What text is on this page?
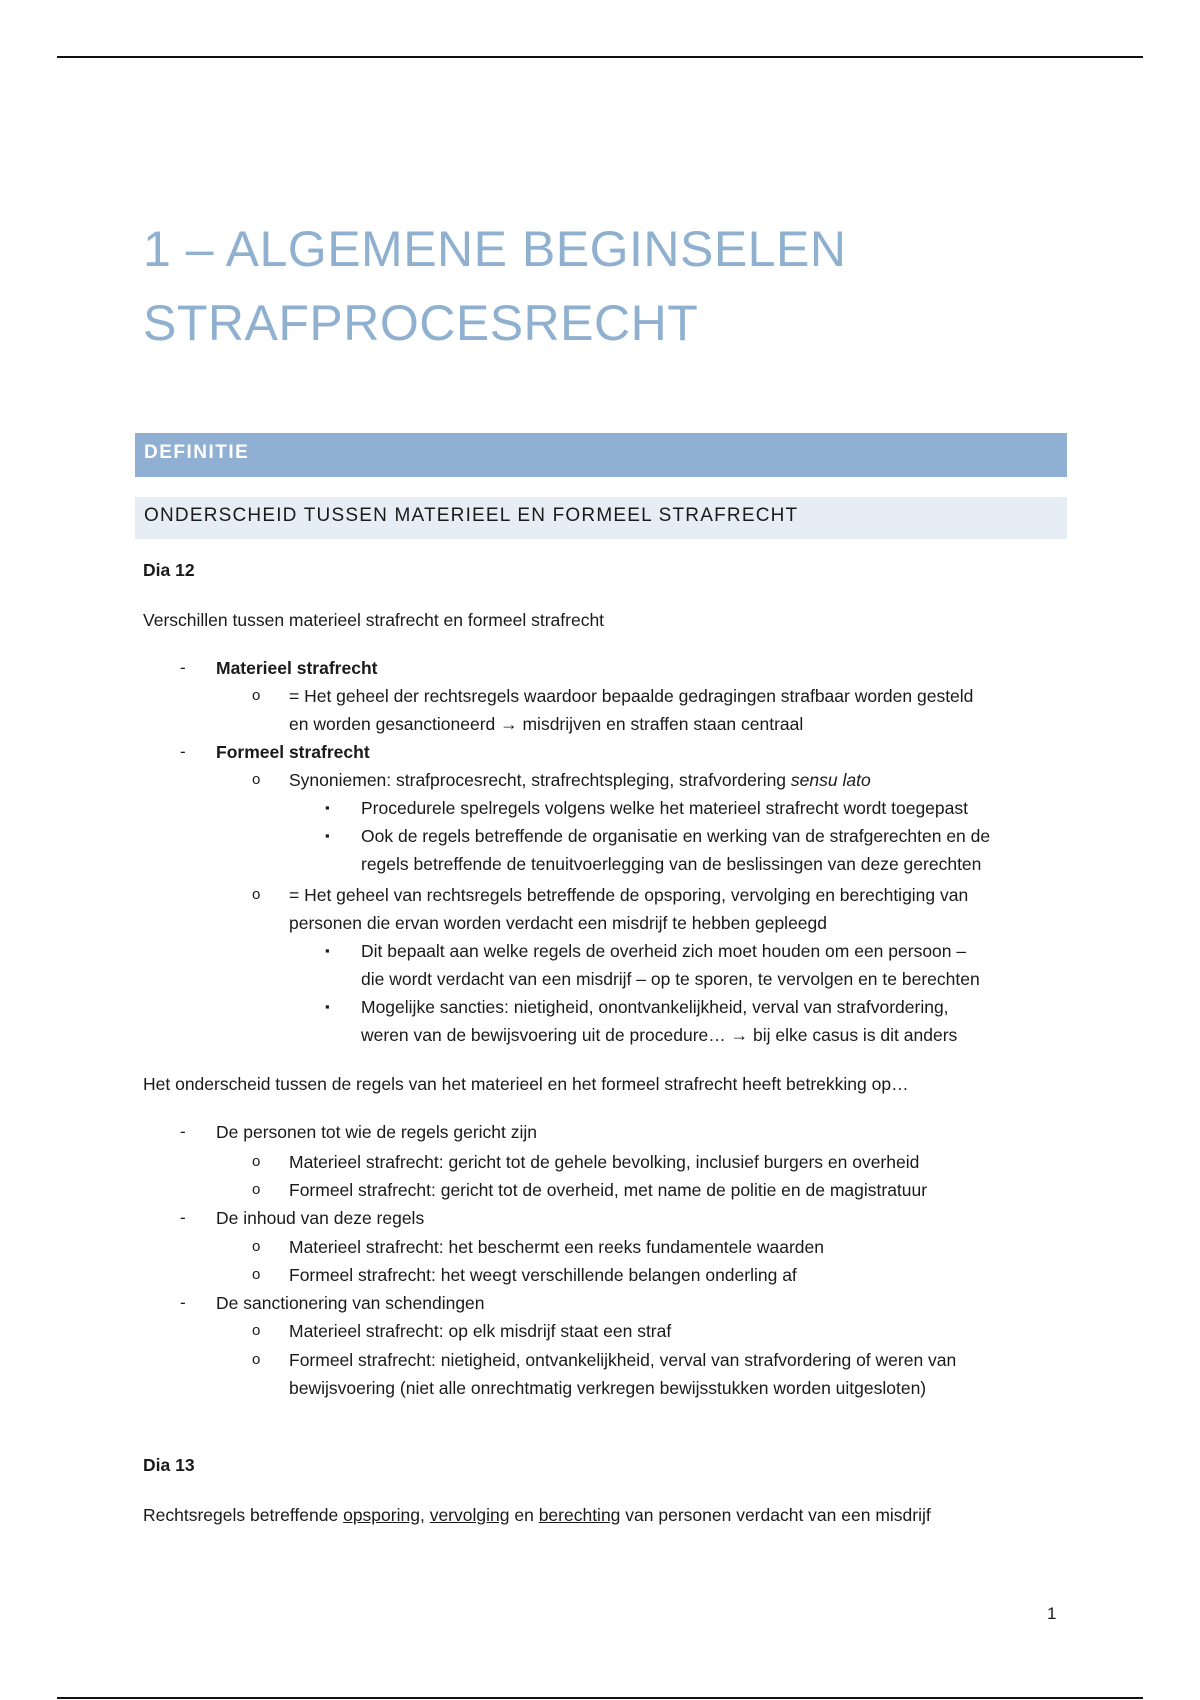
1 – ALGEMENE BEGINSELEN
STRAFPROCESRECHT
DEFINITIE
ONDERSCHEID TUSSEN MATERIEEL EN FORMEEL STRAFRECHT
Dia 12
Verschillen tussen materieel strafrecht en formeel strafrecht
- Materieel strafrecht
o = Het geheel der rechtsregels waardoor bepaalde gedragingen strafbaar worden gesteld
en worden gesanctioneerd → misdrijven en straffen staan centraal
- Formeel strafrecht
o Synoniemen: strafprocesrecht, strafrechtspleging, strafvordering sensu lato
▪ Procedurele spelregels volgens welke het materieel strafrecht wordt toegepast
▪ Ook de regels betreffende de organisatie en werking van de strafgerechten en de
regels betreffende de tenuitvoerlegging van de beslissingen van deze gerechten
o = Het geheel van rechtsregels betreffende de opsporing, vervolging en berechtiging van
personen die ervan worden verdacht een misdrijf te hebben gepleegd
▪ Dit bepaalt aan welke regels de overheid zich moet houden om een persoon –
die wordt verdacht van een misdrijf – op te sporen, te vervolgen en te berechten
▪ Mogelijke sancties: nietigheid, onontvankelijkheid, verval van strafvordering,
weren van de bewijsvoering uit de procedure… → bij elke casus is dit anders
Het onderscheid tussen de regels van het materieel en het formeel strafrecht heeft betrekking op…
- De personen tot wie de regels gericht zijn
o Materieel strafrecht: gericht tot de gehele bevolking, inclusief burgers en overheid
o Formeel strafrecht: gericht tot de overheid, met name de politie en de magistratuur
- De inhoud van deze regels
o Materieel strafrecht: het beschermt een reeks fundamentele waarden
o Formeel strafrecht: het weegt verschillende belangen onderling af
- De sanctionering van schendingen
o Materieel strafrecht: op elk misdrijf staat een straf
o Formeel strafrecht: nietigheid, ontvankelijkheid, verval van strafvordering of weren van
bewijsvoering (niet alle onrechtmatig verkregen bewijsstukken worden uitgesloten)
Dia 13
Rechtsregels betreffende opsporing, vervolging en berechting van personen verdacht van een misdrijf
1
